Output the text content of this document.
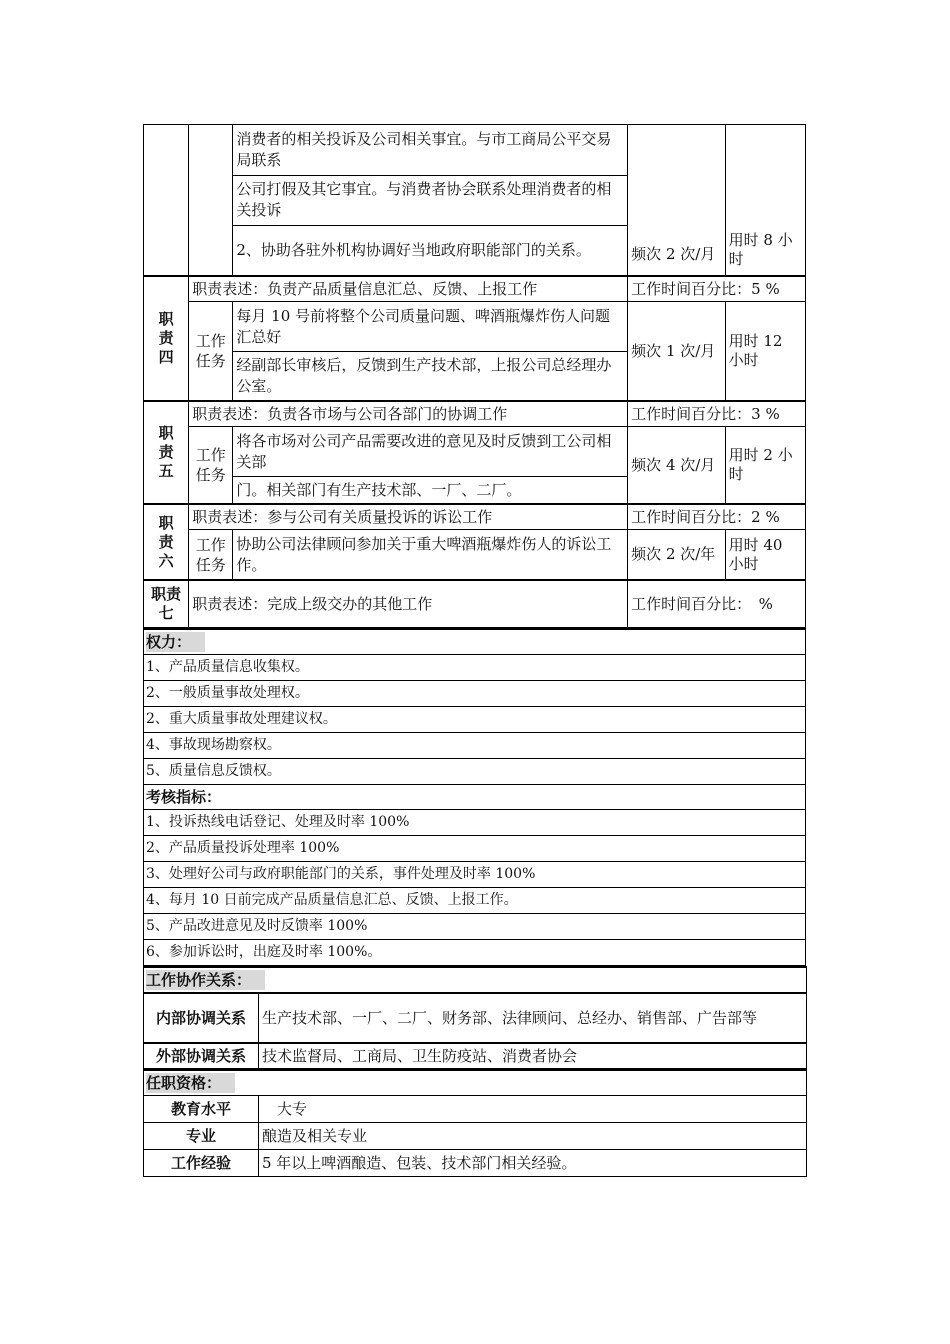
		消费者的相关投诉及公司相关事宜。与市工商局公平交易局联系	频次 2 次/月	用时 8 小时
		公司打假及其它事宜。与消费者协会联系处理消费者的相关投诉		
		2、协助各驻外机构协调好当地政府职能部门的关系。		
职
责
四	职责表述：负责产品质量信息汇总、反馈、上报工作		工作时间百分比：5 %	
	工作任务	每月 10 号前将整个公司质量问题、啤酒瓶爆炸伤人问题汇总好	频次 1 次/月	用时 12 小时
		经副部长审核后，反馈到生产技术部，上报公司总经理办公室。		
职
责
五	职责表述：负责各市场与公司各部门的协调工作		工作时间百分比：3 %	
	工作任务	将各市场对公司产品需要改进的意见及时反馈到工公司相关部	频次 4 次/月	用时 2 小时
		门。相关部门有生产技术部、一厂、二厂。		
职
责
六	职责表述：参与公司有关质量投诉的诉讼工作		工作时间百分比：2 %	
	工作任务	协助公司法律顾问参加关于重大啤酒瓶爆炸伤人的诉讼工作。	频次 2 次/年	用时 40 小时
职责
七	职责表述：完成上级交办的其他工作		工作时间百分比：　%	
权力：
1、产品质量信息收集权。
2、一般质量事故处理权。
2、重大质量事故处理建议权。
4、事故现场勘察权。
5、质量信息反馈权。
考核指标：
1、投诉热线电话登记、处理及时率 100%
2、产品质量投诉处理率 100%
3、处理好公司与政府职能部门的关系，事件处理及时率 100%
4、每月 10 日前完成产品质量信息汇总、反馈、上报工作。
5、产品改进意见及时反馈率 100%
6、参加诉讼时，出庭及时率 100%。
工作协作关系：	
内部协调关系	生产技术部、一厂、二厂、财务部、法律顾问、总经办、销售部、广告部等
外部协调关系	技术监督局、工商局、卫生防疫站、消费者协会
任职资格：	
教育水平	　大专
专业	酿造及相关专业
工作经验	5 年以上啤酒酿造、包装、技术部门相关经验。
